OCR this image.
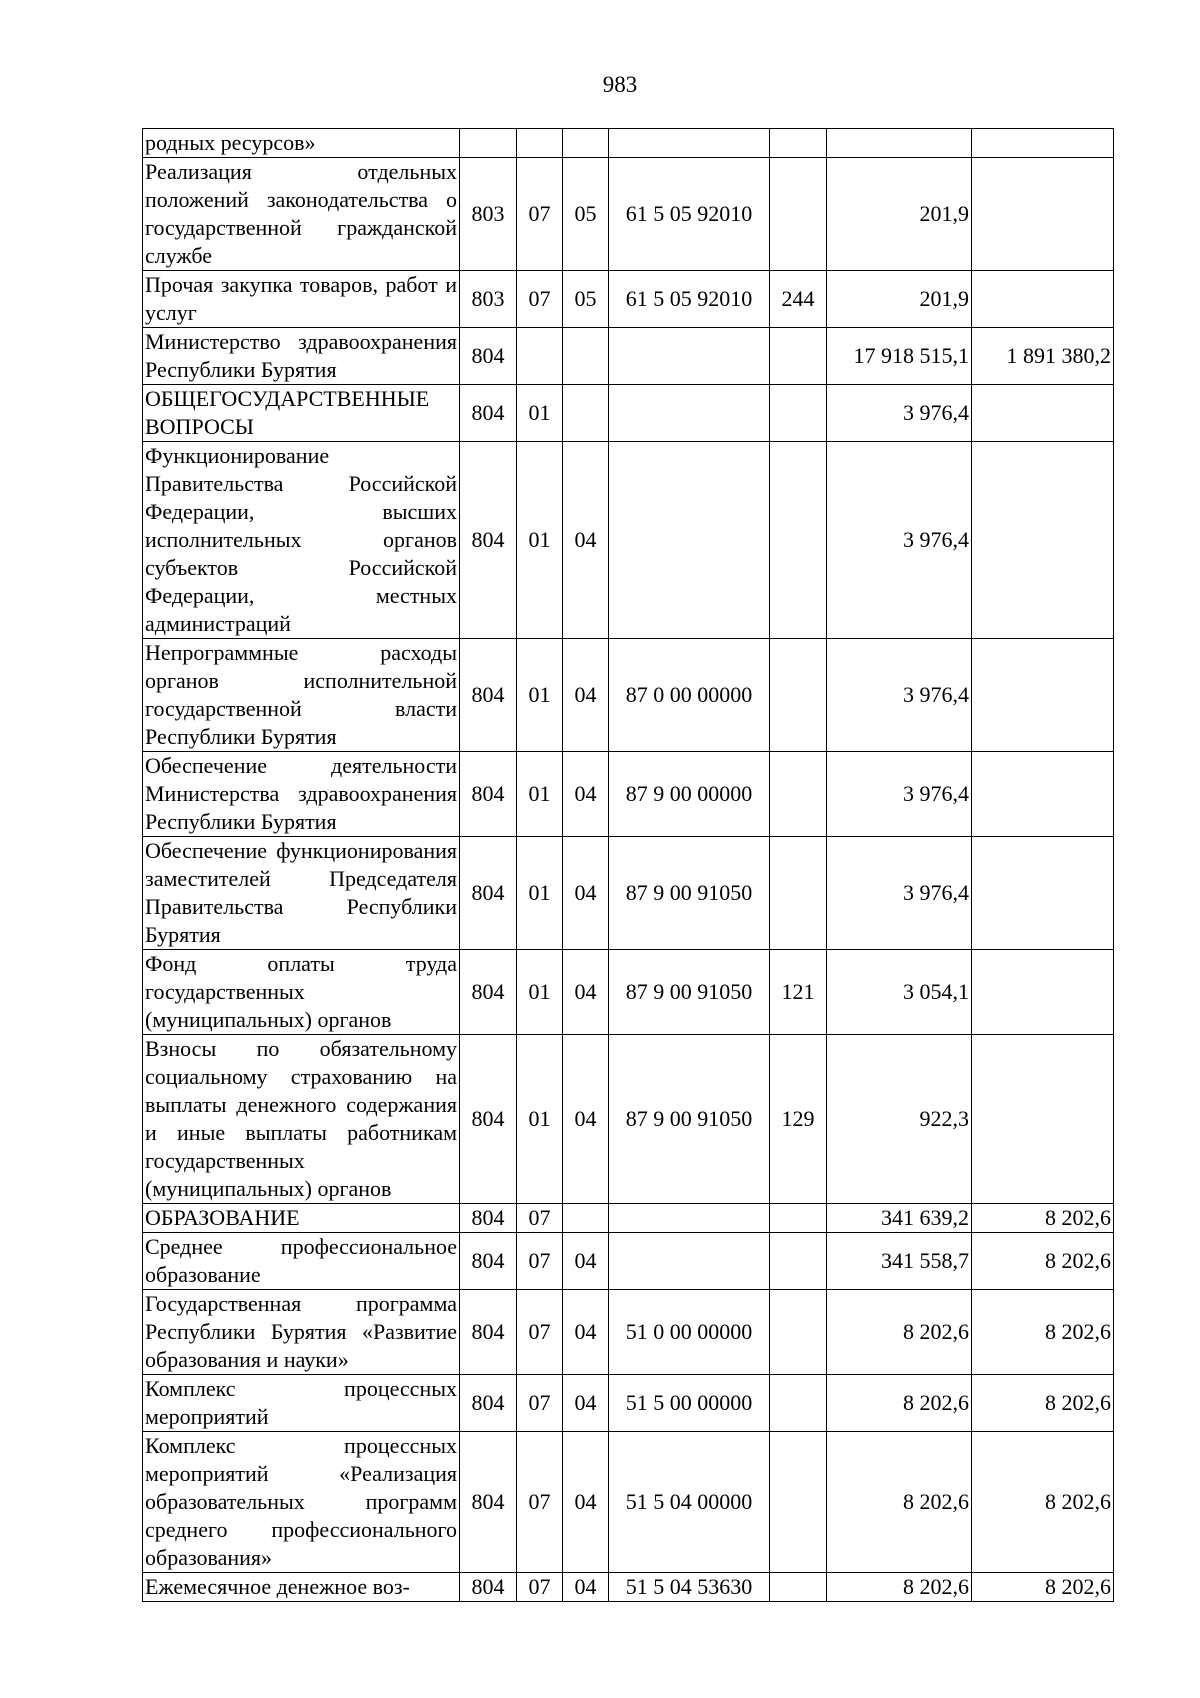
983
родных ресурсов»							
Реализация отдельных положений законодательства о государственной гражданской службе	803	07	05	61 5 05 92010		201,9	
Прочая закупка товаров, работ и услуг	803	07	05	61 5 05 92010	244	201,9	
Министерство здравоохранения Республики Бурятия	804					17 918 515,1	1 891 380,2
ОБЩЕГОСУДАРСТВЕННЫЕ ВОПРОСЫ	804	01				3 976,4	
Функционирование Правительства Российской Федерации, высших исполнительных органов субъектов Российской Федерации, местных администраций	804	01	04			3 976,4	
Непрограммные расходы органов исполнительной государственной власти Республики Бурятия	804	01	04	87 0 00 00000		3 976,4	
Обеспечение деятельности Министерства здравоохранения Республики Бурятия	804	01	04	87 9 00 00000		3 976,4	
Обеспечение функционирования заместителей Председателя Правительства Республики Бурятия	804	01	04	87 9 00 91050		3 976,4	
Фонд оплаты труда государственных (муниципальных) органов	804	01	04	87 9 00 91050	121	3 054,1	
Взносы по обязательному социальному страхованию на выплаты денежного содержания и иные выплаты работникам государственных (муниципальных) органов	804	01	04	87 9 00 91050	129	922,3	
ОБРАЗОВАНИЕ	804	07				341 639,2	8 202,6
Среднее профессиональное образование	804	07	04			341 558,7	8 202,6
Государственная программа Республики Бурятия «Развитие образования и науки»	804	07	04	51 0 00 00000		8 202,6	8 202,6
Комплекс процессных мероприятий	804	07	04	51 5 00 00000		8 202,6	8 202,6
Комплекс процессных мероприятий «Реализация образовательных программ среднего профессионального образования»	804	07	04	51 5 04 00000		8 202,6	8 202,6
Ежемесячное денежное воз-	804	07	04	51 5 04 53630		8 202,6	8 202,6
